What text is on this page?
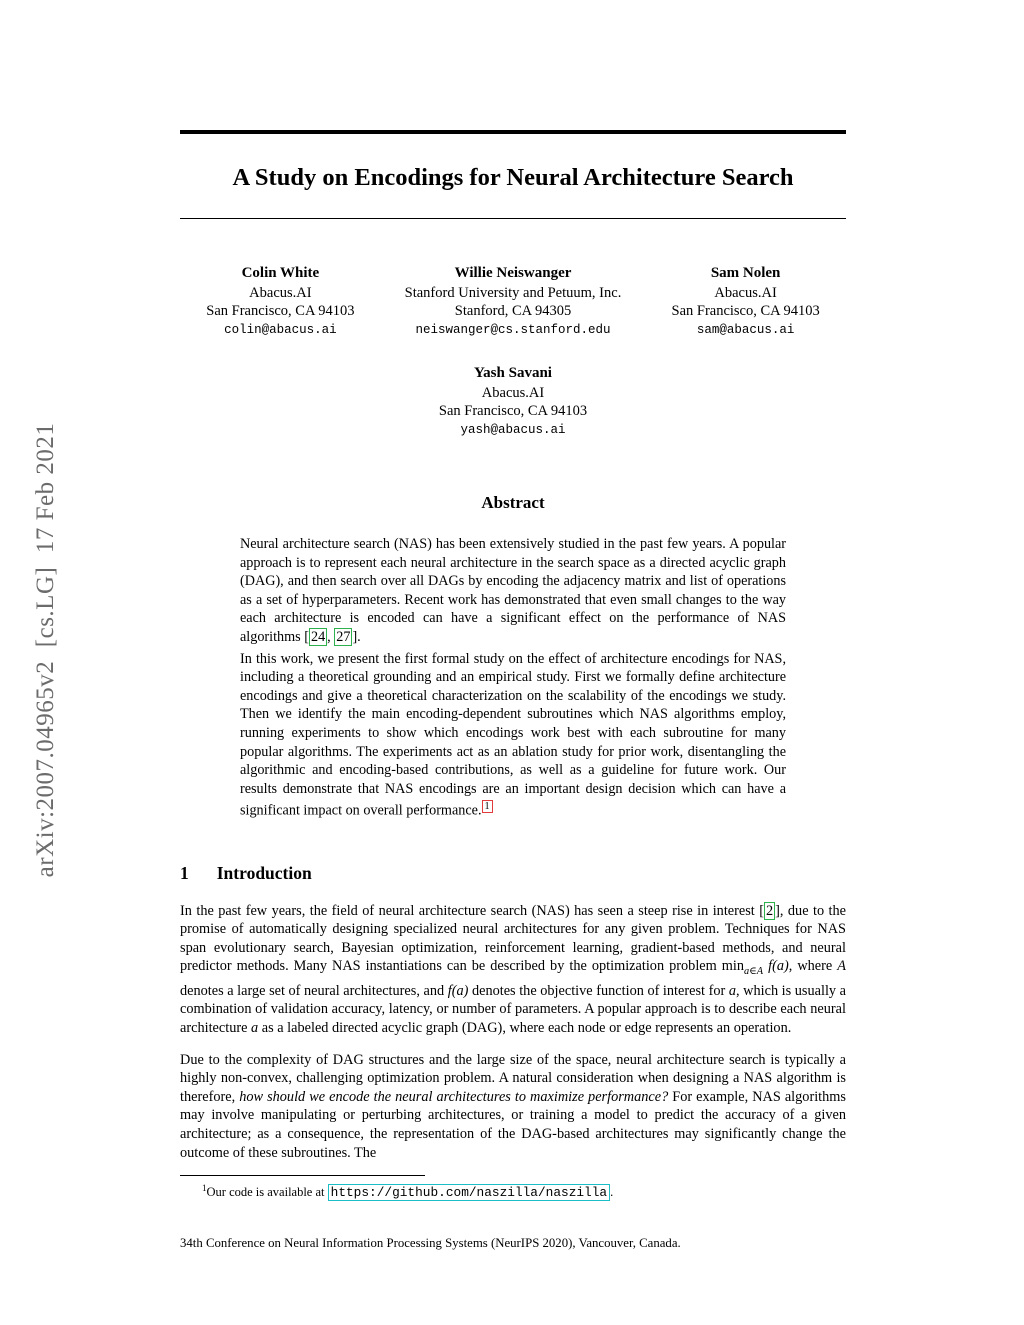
arXiv:2007.04965v2  [cs.LG]  17 Feb 2021
A Study on Encodings for Neural Architecture Search
Colin White
Abacus.AI
San Francisco, CA 94103
colin@abacus.ai
Willie Neiswanger
Stanford University and Petuum, Inc.
Stanford, CA 94305
neiswanger@cs.stanford.edu
Sam Nolen
Abacus.AI
San Francisco, CA 94103
sam@abacus.ai
Yash Savani
Abacus.AI
San Francisco, CA 94103
yash@abacus.ai
Abstract

Neural architecture search (NAS) has been extensively studied in the past few years. A popular approach is to represent each neural architecture in the search space as a directed acyclic graph (DAG), and then search over all DAGs by encoding the adjacency matrix and list of operations as a set of hyperparameters. Recent work has demonstrated that even small changes to the way each architecture is encoded can have a significant effect on the performance of NAS algorithms [ 24 , 27 ].

In this work, we present the first formal study on the effect of architecture encodings for NAS, including a theoretical grounding and an empirical study. First we formally define architecture encodings and give a theoretical characterization on the scalability of the encodings we study. Then we identify the main encoding-dependent subroutines which NAS algorithms employ, running experiments to show which encodings work best with each subroutine for many popular algorithms. The experiments act as an ablation study for prior work, disentangling the algorithmic and encoding-based contributions, as well as a guideline for future work. Our results demonstrate that NAS encodings are an important design decision which can have a significant impact on overall performance. $^1$

1 Introduction

In the past few years, the field of neural architecture search (NAS) has seen a steep rise in interest [ 2 ], due to the promise of automatically designing specialized neural architectures for any given problem. Techniques for NAS span evolutionary search, Bayesian optimization, reinforcement learning, gradient-based methods, and neural predictor methods. Many NAS instantiations can be described by the optimization problem $\min_{a\in A} f(a)$, where A denotes a large set of neural architectures, and f(a) denotes the objective function of interest for a, which is usually a combination of validation accuracy, latency, or number of parameters. A popular approach is to describe each neural architecture a as a labeled directed acyclic graph (DAG), where each node or edge represents an operation.

Due to the complexity of DAG structures and the large size of the space, neural architecture search is typically a highly non-convex, challenging optimization problem. A natural consideration when designing a NAS algorithm is therefore, how should we encode the neural architectures to maximize performance? For example, NAS algorithms may involve manipulating or perturbing architectures, or training a model to predict the accuracy of a given architecture; as a consequence, the representation of the DAG-based architectures may significantly change the outcome of these subroutines. The

$^1$Our code is available at https://github.com/naszilla/naszilla .
34th Conference on Neural Information Processing Systems (NeurIPS 2020), Vancouver, Canada.
